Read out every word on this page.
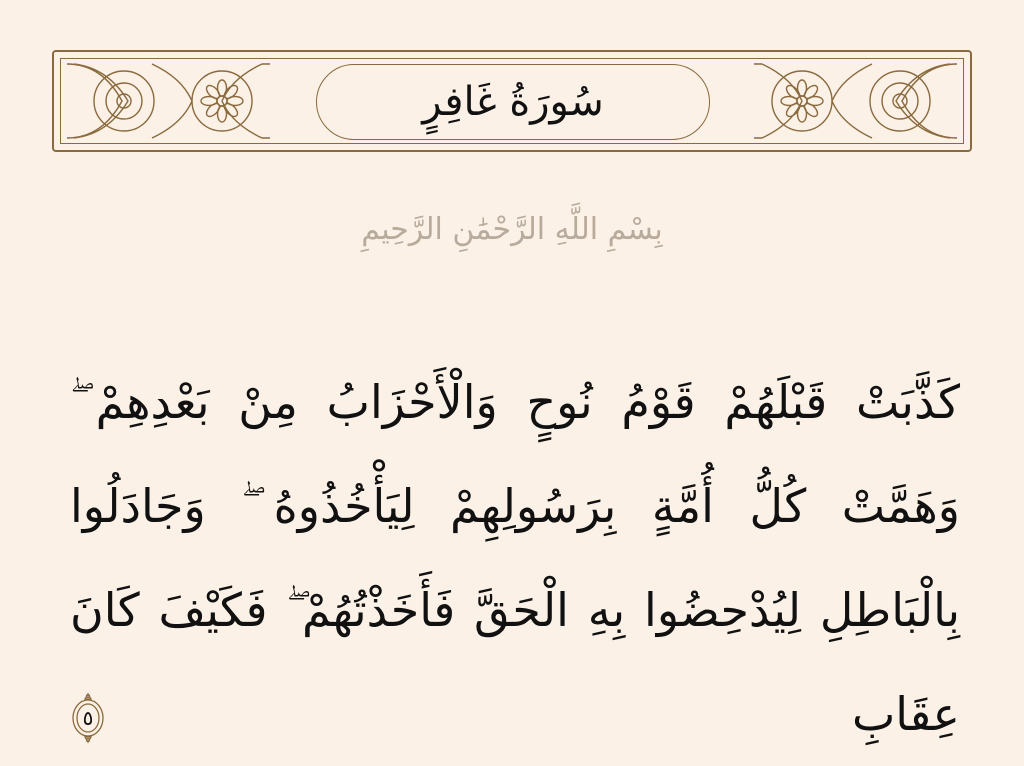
سُورَةُ غَافِرٍ
بِسْمِ اللَّهِ الرَّحْمَٰنِ الرَّحِيمِ

كَذَّبَتْ قَبْلَهُمْ قَوْمُ نُوحٍ وَالْأَحْزَابُ مِنْ بَعْدِهِمْ ۖ وَهَمَّتْ كُلُّ أُمَّةٍ بِرَسُولِهِمْ لِيَأْخُذُوهُ ۖ وَجَادَلُوا بِالْبَاطِلِ لِيُدْحِضُوا بِهِ الْحَقَّ فَأَخَذْتُهُمْ ۖ فَكَيْفَ كَانَ عِقَابِ
٥
